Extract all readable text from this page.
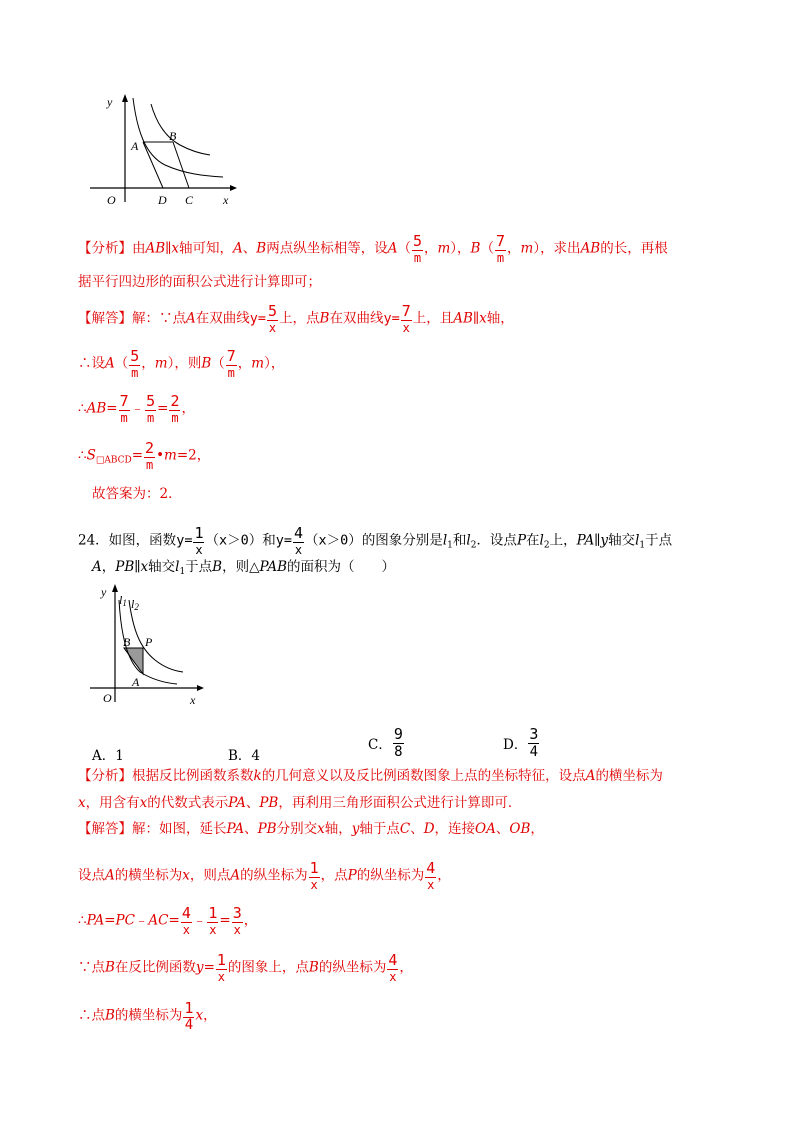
y
x
O
A
B
D C
【分析】由AB∥x轴可知，A、B两点纵坐标相等，设$A( \frac{5}{m}$ ，m），$B( \frac{7}{m}$ ，m），求出AB的长，再根
据平行四边形的面积公式进行计算即可；
【解答】解：∵点A在双曲线$y= \frac{5}{x}$ 上，点B在双曲线$y= \frac{7}{x}$ 上，且AB∥x轴，
∴设$A( \frac{5}{m}$ ，m），则$B( \frac{7}{m}$ ，m），
∴AB= $\frac{7}{m}$ ﹣ $\frac{5}{m} = \frac{2}{m}$ ，
$\therefore S_{□ABCD}= \frac{2}{m}$ •m=2，
故答案为：2．
24．如图，函数$y= \frac{1}{x} (x>0)$和$y= \frac{4}{x} (x>0)$的图象分别是$l_1$和$l_2$．设点P在$l_2$上，PA∥y轴交$l_1$于点
A，PB∥x轴交$l_1$于点B，则△PAB的面积为（　　）
y
l1 l2
B P
A
O	x
A．1	B．4
C． $\frac{9}{8}$	D． $\frac{3}{4}$
【分析】根据反比例函数系数k的几何意义以及反比例函数图象上点的坐标特征，设点A的横坐标为
x，用含有x的代数式表示PA、PB，再利用三角形面积公式进行计算即可．
【解答】解：如图，延长PA、PB分别交x轴，y轴于点C、D，连接OA、OB，
设点A的横坐标为x，则点A的纵坐标为 $\frac{1}{x}$ ，点P的纵坐标为 $\frac{4}{x}$ ，
∴PA=PC﹣AC= $\frac{4}{x}$ ﹣ $\frac{1}{x} = \frac{3}{x}$ ，
∵点B在反比例函数$y= \frac{1}{x}$ 的图象上，点B的纵坐标为 $\frac{4}{x}$ ，
∴点B的横坐标为 $\frac{1}{4}$ x，
